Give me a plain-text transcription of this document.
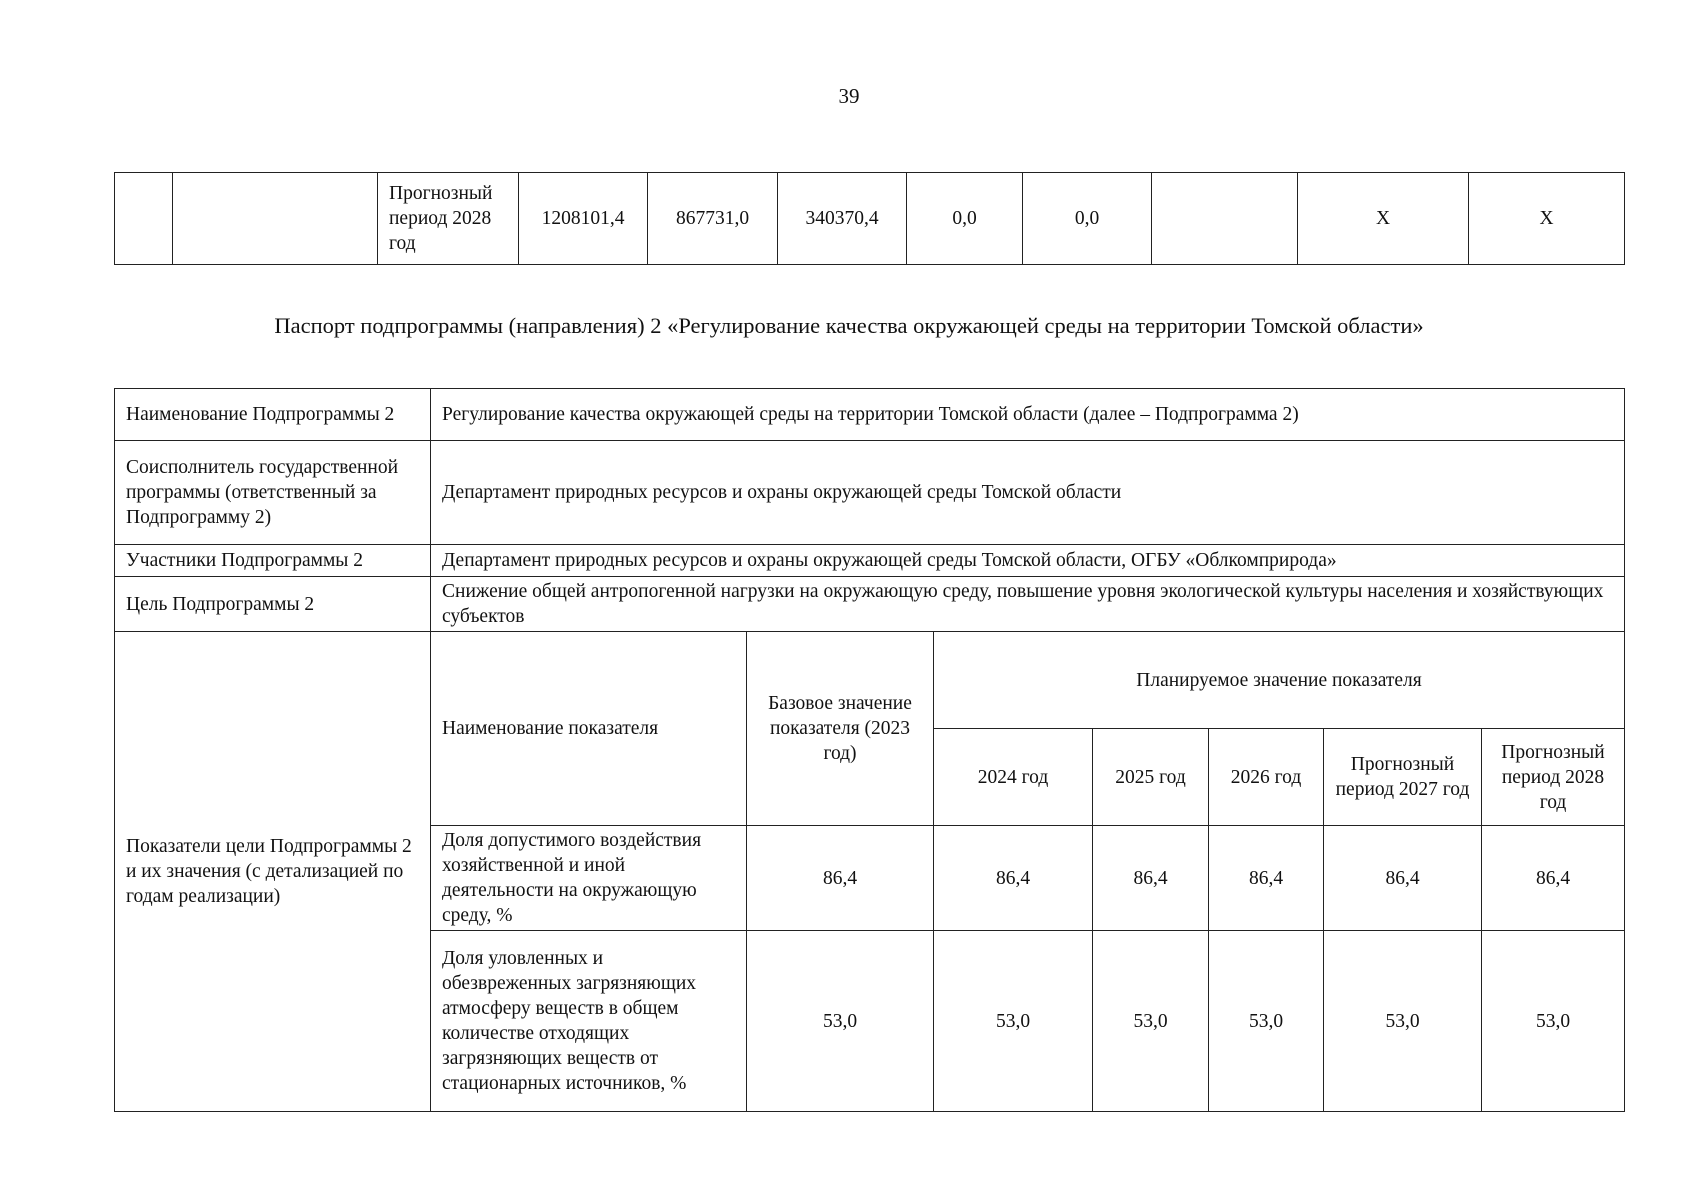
39
		Прогнозный период 2028 год	1208101,4	867731,0	340370,4	0,0	0,0		X	X
Паспорт подпрограммы (направления) 2 «Регулирование качества окружающей среды на территории Томской области»
Наименование Подпрограммы 2	Регулирование качества окружающей среды на территории Томской области (далее – Подпрограмма 2)						
Соисполнитель государственной программы (ответственный за Подпрограмму 2)	Департамент природных ресурсов и охраны окружающей среды Томской области						
Участники Подпрограммы 2	Департамент природных ресурсов и охраны окружающей среды Томской области, ОГБУ «Облкомприрода»						
Цель Подпрограммы 2	Снижение общей антропогенной нагрузки на окружающую среду, повышение уровня экологической культуры населения и хозяйствующих субъектов						
Показатели цели Подпрограммы 2 и их значения (с детализацией по годам реализации)	Наименование показателя	Базовое значение показателя (2023 год)	Планируемое значение показателя				
			2024 год	2025 год	2026 год	Прогнозный период 2027 год	Прогнозный период 2028 год
	Доля допустимого воздействия хозяйственной и иной деятельности на окружающую среду, %	86,4	86,4	86,4	86,4	86,4	86,4
	Доля уловленных и обезвреженных загрязняющих атмосферу веществ в общем количестве отходящих загрязняющих веществ от стационарных источников, %	53,0	53,0	53,0	53,0	53,0	53,0
